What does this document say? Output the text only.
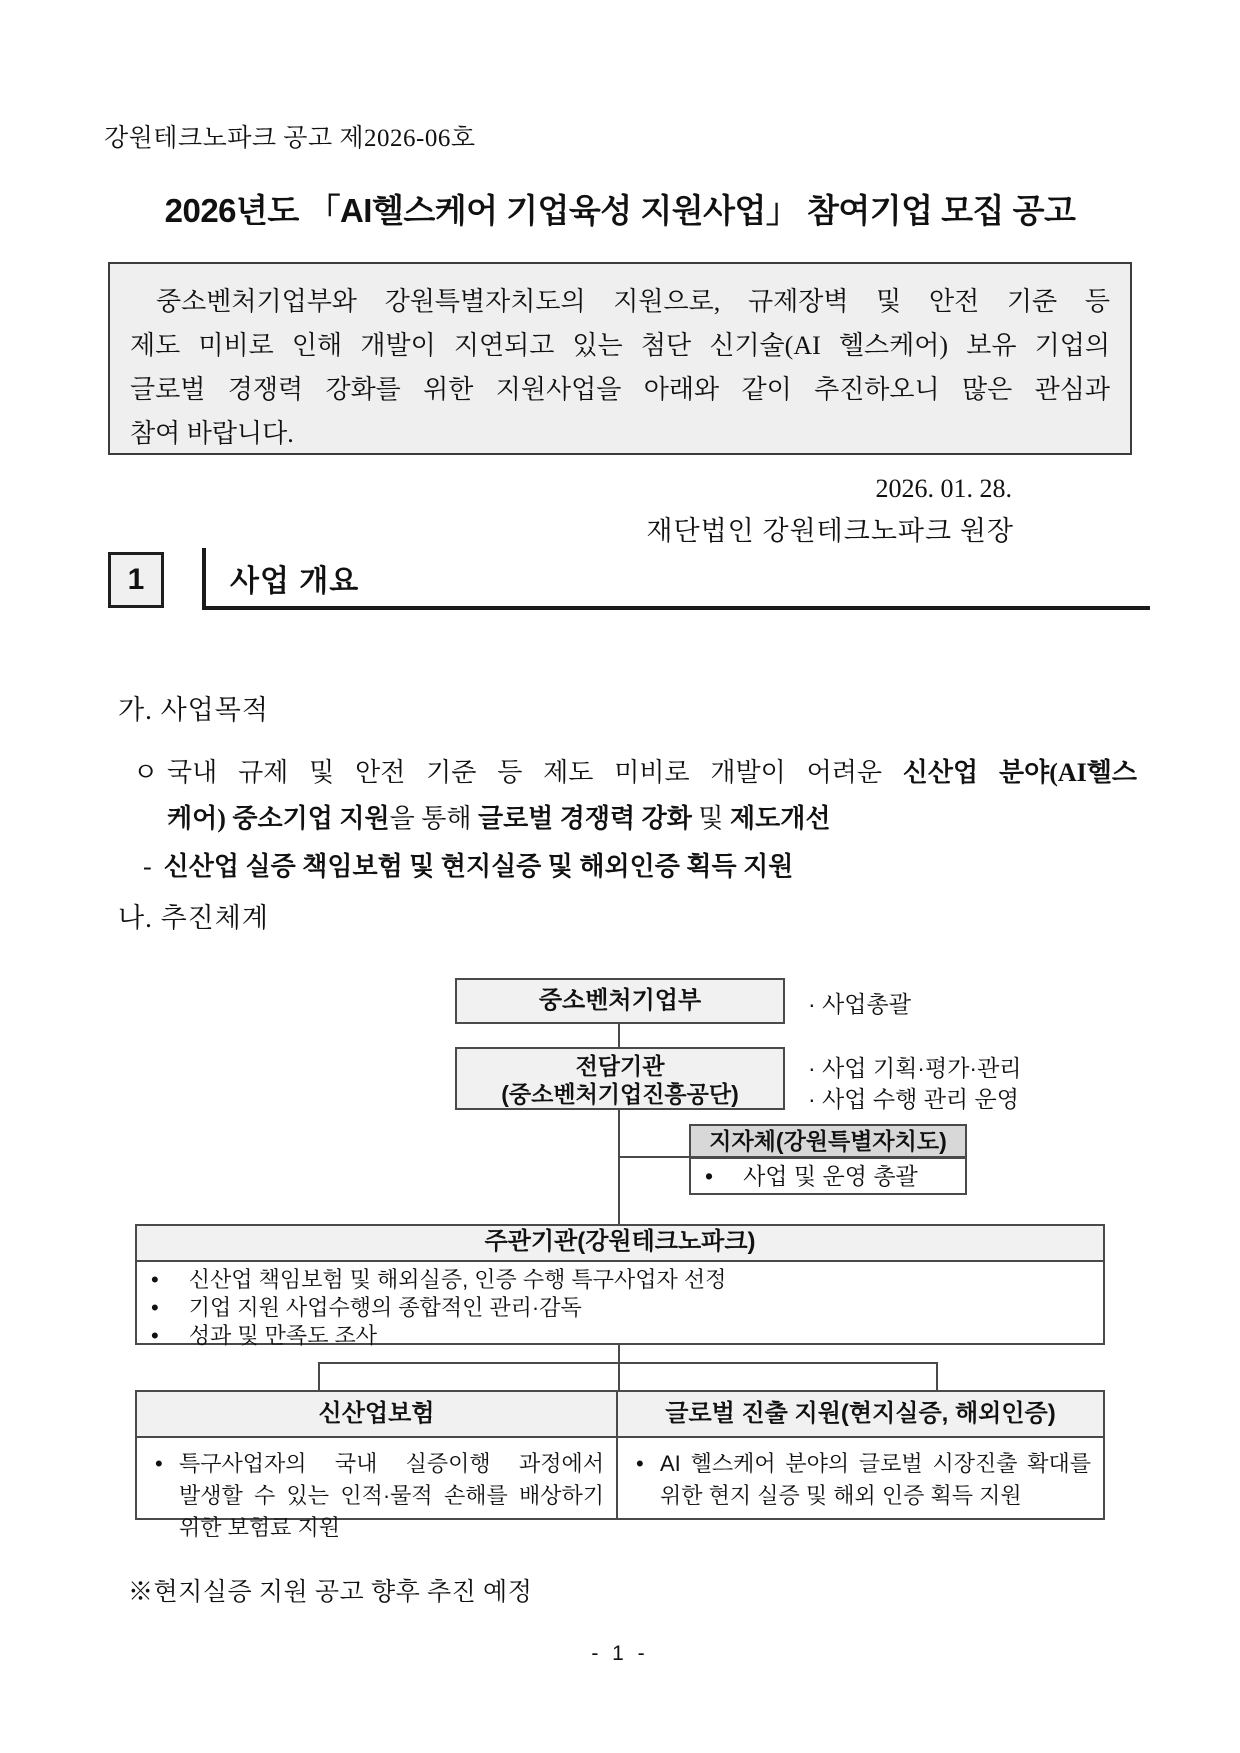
강원테크노파크 공고 제2026-06호
2026년도 「AI헬스케어 기업육성 지원사업」 참여기업 모집 공고
중소벤처기업부와 강원특별자치도의 지원으로, 규제장벽 및 안전 기준 등
제도 미비로 인해 개발이 지연되고 있는 첨단 신기술(AI 헬스케어) 보유 기업의
글로벌 경쟁력 강화를 위한 지원사업을 아래와 같이 추진하오니 많은 관심과
참여 바랍니다.
2026. 01. 28.
재단법인 강원테크노파크 원장
1	사업 개요
가. 사업목적
ㅇ 국내 규제 및 안전 기준 등 제도 미비로 개발이 어려운 신산업 분야(AI헬스
케어) 중소기업 지원을 통해 글로벌 경쟁력 강화 및 제도개선
- 신산업 실증 책임보험 및 현지실증 및 해외인증 획득 지원
나. 추진체계
중소벤처기업부	· 사업총괄
전담기관
(중소벤처기업진흥공단)
· 사업 기획·평가·관리
· 사업 수행 관리 운영
지자체(강원특별자치도)
• 사업 및 운영 총괄
주관기관(강원테크노파크)
• 신산업 책임보험 및 해외실증, 인증 수행 특구사업자 선정
• 기업 지원 사업수행의 종합적인 관리·감독
• 성과 및 만족도 조사
신산업보험	글로벌 진출 지원(현지실증, 해외인증)
• 특구사업자의 국내 실증이행 과정에서 발생할 수 있는 인적·물적 손해를 배상하기 위한 보험료 지원
• AI 헬스케어 분야의 글로벌 시장진출 확대를 위한 현지 실증 및 해외 인증 획득 지원
※현지실증 지원 공고 향후 추진 예정
- 1 -
